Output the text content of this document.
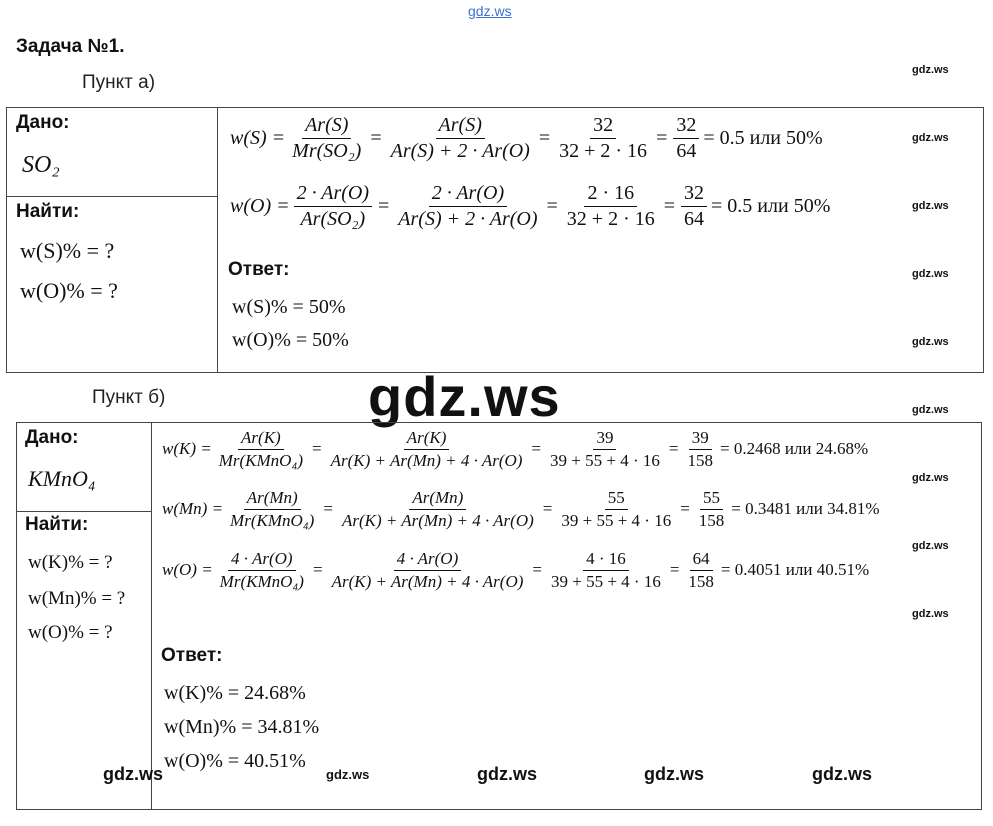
gdz.ws
Задача №1.
Пункт а)
gdz.ws
gdz.ws
gdz.ws
gdz.ws
gdz.ws
gdz.ws
gdz.ws
gdz.ws
gdz.ws
Дано:
SO₂
Найти:
w(S)% = ?
w(O)% = ?
$w(S) = \frac{Ar(S)}{\text{Mr(SO₂)}} = \frac{Ar(S)}{Ar(S) + 2 \cdot Ar(O)} = \frac{32}{32 + 2 \cdot 16} = \frac{32}{64} = 0.5$ или 50%
$w(O) = \frac{2 \cdot Ar(O)}{\text{Ar(SO₂)}} = \frac{2 \cdot Ar(O)}{Ar(S) + 2 \cdot Ar(O)} = \frac{2 \cdot 16}{32 + 2 \cdot 16} = \frac{32}{64} = 0.5$ или 50%
Ответ:
w(S)% = 50%
w(O)% = 50%
Пункт б)	gdz.ws
Дано:
KMnO₄
Найти:
w(K)% = ?
w(Mn)% = ?
w(O)% = ?
$w(K) = \frac{Ar(K)}{\text{Mr(KMnO₄)}} = \frac{Ar(K)}{Ar(K) + Ar(Mn) + 4 \cdot Ar(O)} = \frac{39}{39 + 55 + 4 \cdot 16} = \frac{39}{158} = 0.2468$ или 24.68%
$w(Mn) = \frac{Ar(Mn)}{\text{Mr(KMnO₄)}} = \frac{Ar(Mn)}{Ar(K) + Ar(Mn) + 4 \cdot Ar(O)} = \frac{55}{39 + 55 + 4 \cdot 16} = \frac{55}{158} = 0.3481$ или 34.81%
$w(O) = \frac{4 \cdot Ar(O)}{\text{Mr(KMnO₄)}} = \frac{4 \cdot Ar(O)}{Ar(K) + Ar(Mn) + 4 \cdot Ar(O)} = \frac{4 \cdot 16}{39 + 55 + 4 \cdot 16} = \frac{64}{158} = 0.4051$ или 40.51%
Ответ:
w(K)% = 24.68%
w(Mn)% = 34.81%
w(O)% = 40.51%
gdz.ws	gdz.ws	gdz.ws	gdz.ws	gdz.ws
